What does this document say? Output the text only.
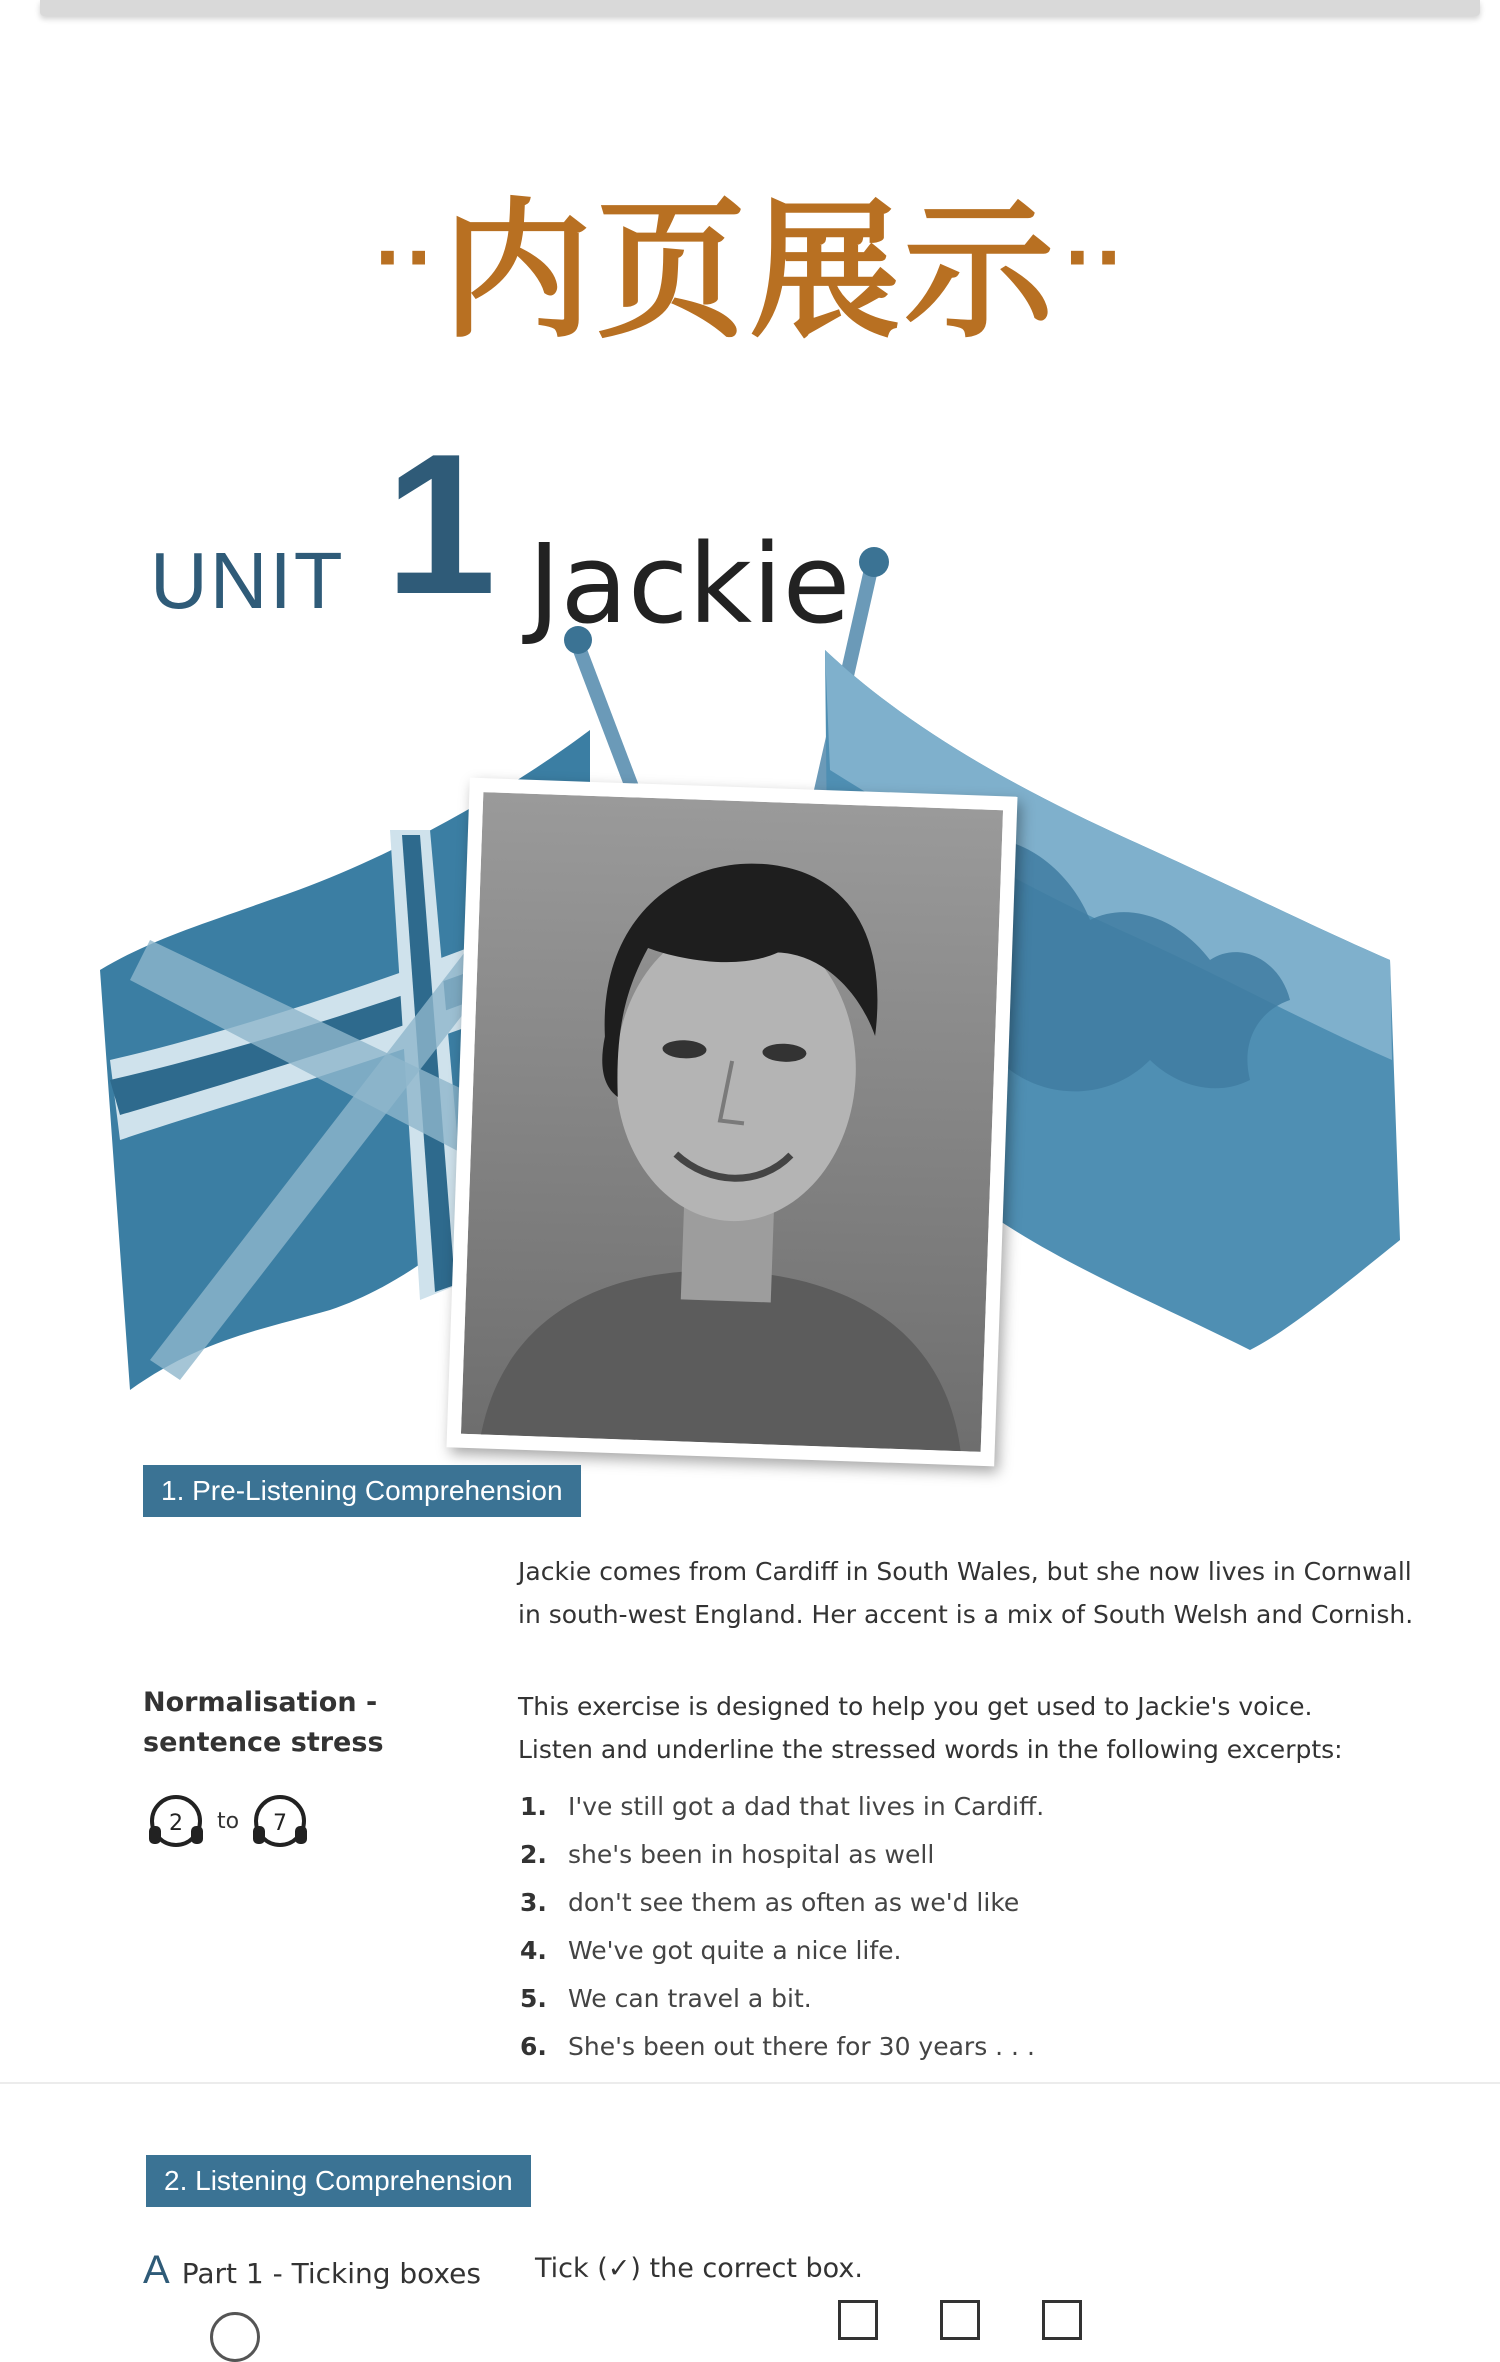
·· 内页展示 ··
UNIT 1 Jackie
1. Pre-Listening Comprehension
Jackie comes from Cardiff in South Wales, but she now lives in Cornwall in south-west England. Her accent is a mix of South Welsh and Cornish.
Normalisation -
sentence stress
2 to 7
This exercise is designed to help you get used to Jackie's voice.
Listen and underline the stressed words in the following excerpts:
1. I've still got a dad that lives in Cardiff.
2. she's been in hospital as well
3. don't see them as often as we'd like
4. We've got quite a nice life.
5. We can travel a bit.
6. She's been out there for 30 years . . .
2. Listening Comprehension
A Part 1 - Ticking boxes Tick (✓) the correct box.
